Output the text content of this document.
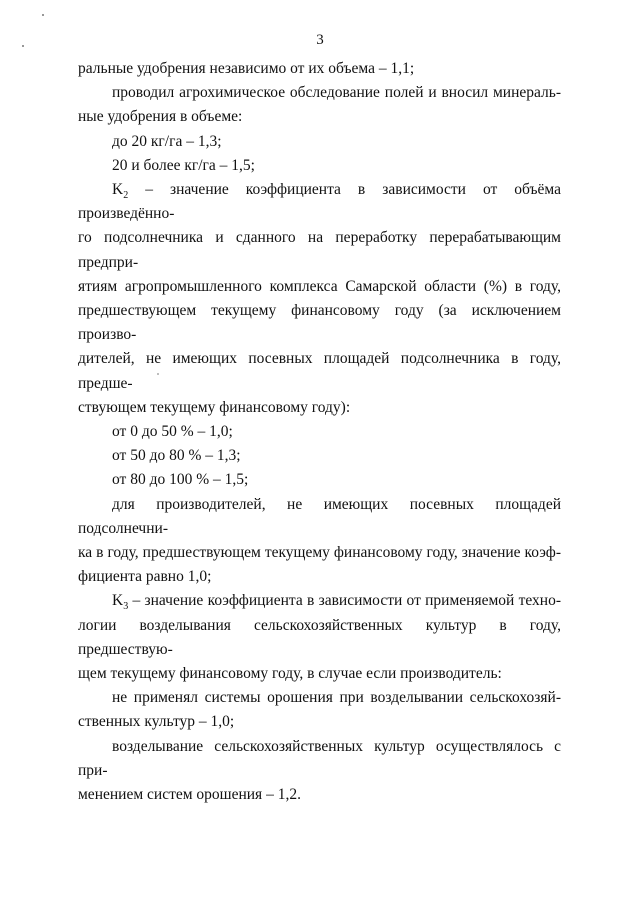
3

ральные удобрения независимо от их объема – 1,1;

проводил агрохимическое обследование полей и вносил минераль-

ные удобрения в объеме:

до 20 кг/га – 1,3;

20 и более кг/га – 1,5;

$K_2$ – значение коэффициента в зависимости от объёма произведённо-

го подсолнечника и сданного на переработку перерабатывающим предпри-

ятиям агропромышленного комплекса Самарской области (%) в году,

предшествующем текущему финансовому году (за исключением произво-

дителей, не имеющих посевных площадей подсолнечника в году, предше-

ствующем текущему финансовому году):

от 0 до 50 % – 1,0;

от 50 до 80 % – 1,3;

от 80 до 100 % – 1,5;

для производителей, не имеющих посевных площадей подсолнечни-

ка в году, предшествующем текущему финансовому году, значение коэф-

фициента равно 1,0;

$K_3$ – значение коэффициента в зависимости от применяемой техно-

логии возделывания сельскохозяйственных культур в году, предшествую-

щем текущему финансовому году, в случае если производитель:

не применял системы орошения при возделывании сельскохозяй-

ственных культур – 1,0;

возделывание сельскохозяйственных культур осуществлялось с при-

менением систем орошения – 1,2.
